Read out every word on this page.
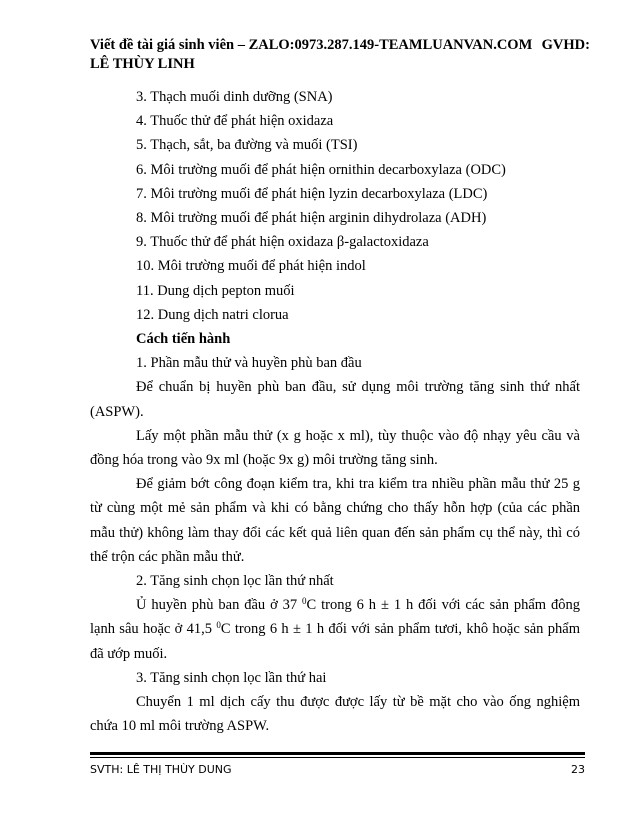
Viết đề tài giá sinh viên – ZALO:0973.287.149-TEAMLUANVAN.COM GVHD:
LÊ THÙY LINH
3. Thạch muối dinh dưỡng (SNA)
4. Thuốc thử để phát hiện oxidaza
5. Thạch, sắt, ba đường và muối (TSI)
6. Môi trường muối để phát hiện ornithin decarboxylaza (ODC)
7. Môi trường muối để phát hiện lyzin decarboxylaza (LDC)
8. Môi trường muối để phát hiện arginin dihydrolaza (ADH)
9. Thuốc thử để phát hiện oxidaza β-galactoxidaza
10. Môi trường muối để phát hiện indol
11. Dung dịch pepton muối
12. Dung dịch natri clorua
Cách tiến hành
1. Phần mẫu thử và huyền phù ban đầu
Để chuẩn bị huyền phù ban đầu, sử dụng môi trường tăng sinh thứ nhất (ASPW).
Lấy một phần mẫu thử (x g hoặc x ml), tùy thuộc vào độ nhạy yêu cầu và đồng hóa trong vào 9x ml (hoặc 9x g) môi trường tăng sinh.
Để giảm bớt công đoạn kiểm tra, khi tra kiểm tra nhiều phần mẫu thử 25 g từ cùng một mẻ sản phẩm và khi có bằng chứng cho thấy hỗn hợp (của các phần mẫu thử) không làm thay đổi các kết quả liên quan đến sản phẩm cụ thể này, thì có thể trộn các phần mẫu thử.
2. Tăng sinh chọn lọc lần thứ nhất
Ủ huyền phù ban đầu ở 37 $^0$C trong 6 h ± 1 h đối với các sản phẩm đông lạnh sâu hoặc ở 41,5 $^0$C trong 6 h ± 1 h đối với sản phẩm tươi, khô hoặc sản phẩm đã ướp muối.
3. Tăng sinh chọn lọc lần thứ hai
Chuyển 1 ml dịch cấy thu được được lấy từ bề mặt cho vào ống nghiệm chứa 10 ml môi trường ASPW.
SVTH: LÊ THỊ THÙY DUNG	23
